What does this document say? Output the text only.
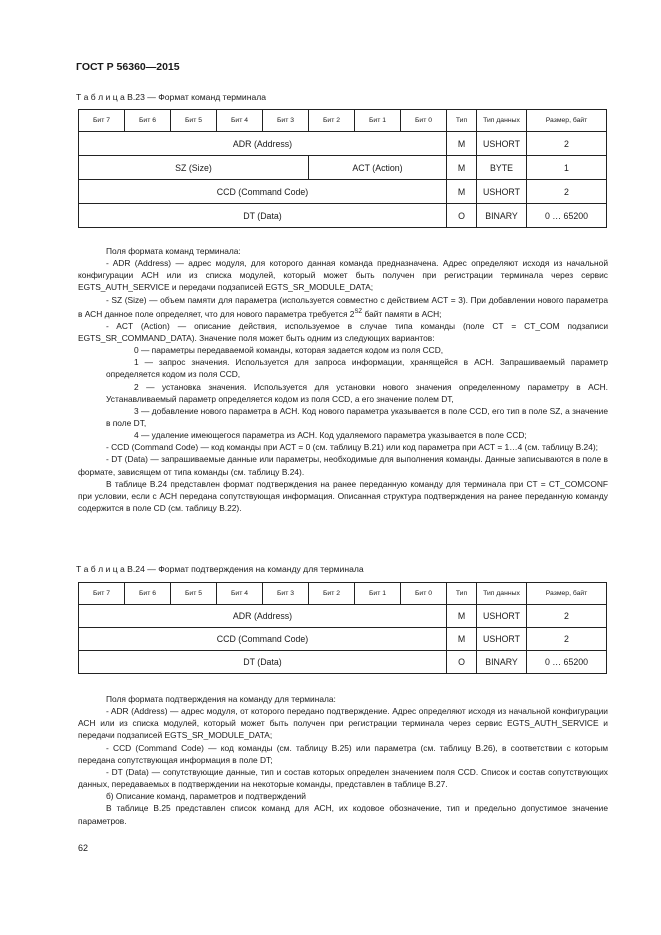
ГОСТ Р 56360—2015
Т а б л и ц а В.23 — Формат команд терминала
Бит 7	Бит 6	Бит 5	Бит 4	Бит 3	Бит 2	Бит 1	Бит 0	Тип	Тип данных	Размер, байт
ADR (Address)								M	USHORT	2
SZ (Size)					ACT (Action)			M	BYTE	1
CCD (Command Code)								M	USHORT	2
DT (Data)								O	BINARY	0 … 65200

Поля формата команд терминала:

- ADR (Address) — адрес модуля, для которого данная команда предназначена. Адрес определяют исходя из начальной конфигурации АСН или из списка модулей, который может быть получен при регистрации терминала через сервис EGTS_AUTH_SERVICE и передачи подзаписей EGTS_SR_MODULE_DATA;

- SZ (Size) — объем памяти для параметра (используется совместно с действием ACT = 3). При добавлении нового параметра в АСН данное поле определяет, что для нового параметра требуется $2^{SZ}$ байт памяти в АСН;

- ACT (Action) — описание действия, используемое в случае типа команды (поле CT = CT_COM подзаписи EGTS_SR_COMMAND_DATA). Значение поля может быть одним из следующих вариантов:

0 — параметры передаваемой команды, которая задается кодом из поля CCD,

1 — запрос значения. Используется для запроса информации, хранящейся в АСН. Запрашиваемый параметр определяется кодом из поля CCD,

2 — установка значения. Используется для установки нового значения определенному параметру в АСН. Устанавливаемый параметр определяется кодом из поля CCD, а его значение полем DT,

3 — добавление нового параметра в АСН. Код нового параметра указывается в поле CCD, его тип в поле SZ, а значение в поле DT,

4 — удаление имеющегося параметра из АСН. Код удаляемого параметра указывается в поле CCD;

- CCD (Command Code) — код команды при ACT = 0 (см. таблицу В.21) или код параметра при ACT = 1…4 (см. таблицу В.24);

- DT (Data) — запрашиваемые данные или параметры, необходимые для выполнения команды. Данные записываются в поле в формате, зависящем от типа команды (см. таблицу В.24).

В таблице В.24 представлен формат подтверждения на ранее переданную команду для терминала при CT = CT_COMCONF при условии, если с АСН передана сопутствующая информация. Описанная структура подтверждения на ранее переданную команду содержится в поле CD (см. таблицу В.22).

Т а б л и ц а В.24 — Формат подтверждения на команду для терминала
Бит 7	Бит 6	Бит 5	Бит 4	Бит 3	Бит 2	Бит 1	Бит 0	Тип	Тип данных	Размер, байт
ADR (Address)								M	USHORT	2
CCD (Command Code)								M	USHORT	2
DT (Data)								O	BINARY	0 … 65200

Поля формата подтверждения на команду для терминала:

- ADR (Address) — адрес модуля, от которого передано подтверждение. Адрес определяют исходя из начальной конфигурации АСН или из списка модулей, который может быть получен при регистрации терминала через сервис EGTS_AUTH_SERVICE и передачи подзаписей EGTS_SR_MODULE_DATA;

- CCD (Command Code) — код команды (см. таблицу В.25) или параметра (см. таблицу В.26), в соответствии с которым передана сопутствующая информация в поле DT;

- DT (Data) — сопутствующие данные, тип и состав которых определен значением поля CCD. Список и состав сопутствующих данных, передаваемых в подтверждении на некоторые команды, представлен в таблице В.27.

б) Описание команд, параметров и подтверждений

В таблице В.25 представлен список команд для АСН, их кодовое обозначение, тип и предельно допустимое значение параметров.

62
